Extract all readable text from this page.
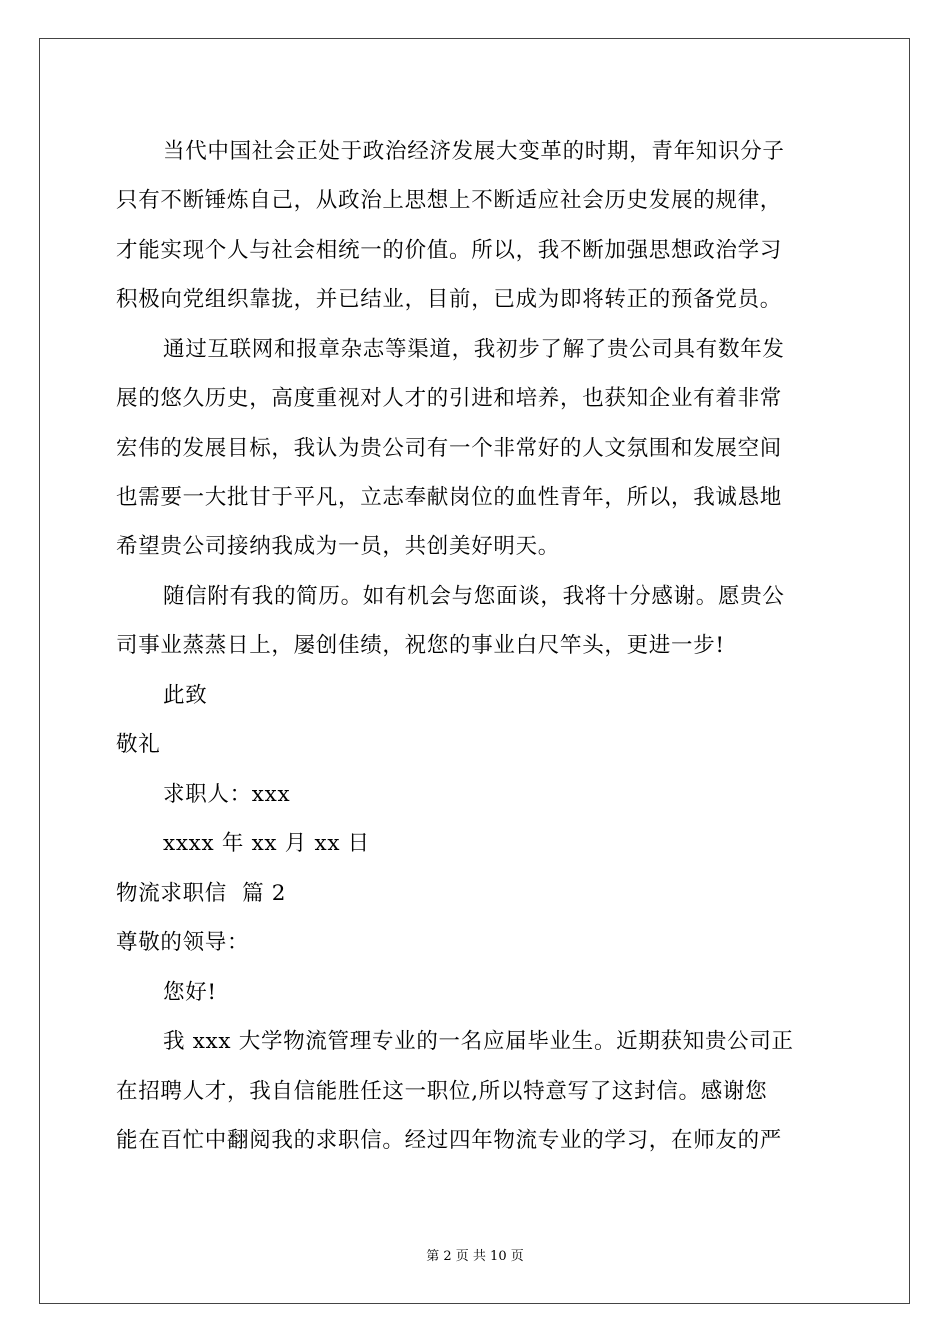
当代中国社会正处于政治经济发展大变革的时期，青年知识分子
只有不断锤炼自己，从政治上思想上不断适应社会历史发展的规律，
才能实现个人与社会相统一的价值。所以，我不断加强思想政治学习
积极向党组织靠拢，并已结业，目前，已成为即将转正的预备党员。
通过互联网和报章杂志等渠道，我初步了解了贵公司具有数年发
展的悠久历史，高度重视对人才的引进和培养，也获知企业有着非常
宏伟的发展目标，我认为贵公司有一个非常好的人文氛围和发展空间
也需要一大批甘于平凡，立志奉献岗位的血性青年，所以，我诚恳地
希望贵公司接纳我成为一员，共创美好明天。
随信附有我的简历。如有机会与您面谈，我将十分感谢。愿贵公
司事业蒸蒸日上，屡创佳绩，祝您的事业白尺竿头，更进一步!
此致
敬礼
求职人：xxx
xxxx 年 xx 月 xx 日
物流求职信  篇 2
尊敬的领导：
您好!
我 xxx 大学物流管理专业的一名应届毕业生。近期获知贵公司正
在招聘人才，我自信能胜任这一职位,所以特意写了这封信。感谢您
能在百忙中翻阅我的求职信。经过四年物流专业的学习，在师友的严
第 2 页 共 10 页
